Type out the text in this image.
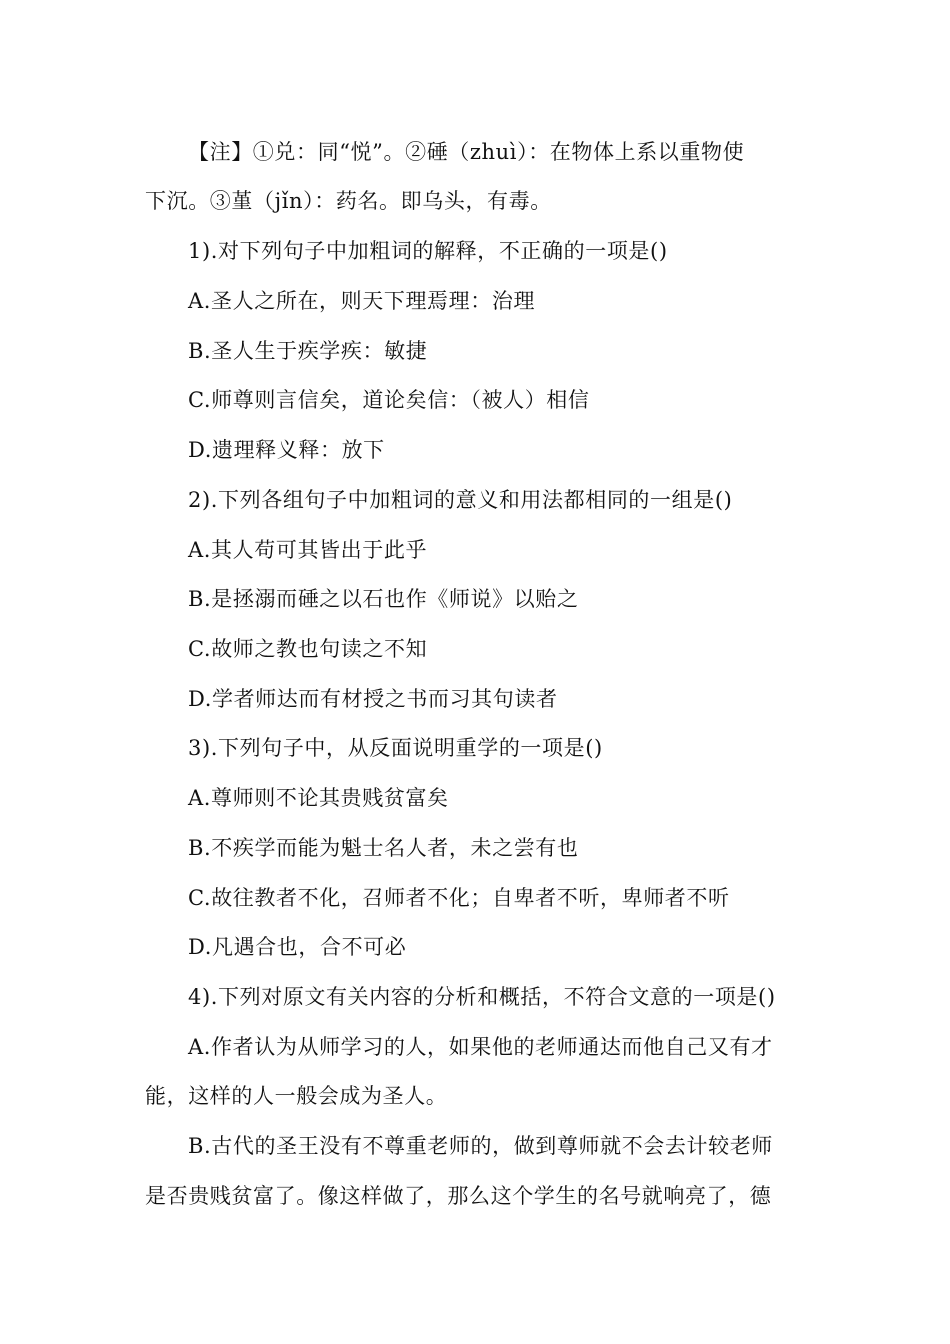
【注】①兑：同“悦”。②硾（zhuì）：在物体上系以重物使
下沉。③堇（jǐn）：药名。即乌头，有毒。
1).对下列句子中加粗词的解释，不正确的一项是()
A.圣人之所在，则天下理焉理：治理
B.圣人生于疾学疾：敏捷
C.师尊则言信矣，道论矣信：（被人）相信
D.遗理释义释：放下
2).下列各组句子中加粗词的意义和用法都相同的一组是()
A.其人苟可其皆出于此乎
B.是拯溺而硾之以石也作《师说》以贻之
C.故师之教也句读之不知
D.学者师达而有材授之书而习其句读者
3).下列句子中，从反面说明重学的一项是()
A.尊师则不论其贵贱贫富矣
B.不疾学而能为魁士名人者，未之尝有也
C.故往教者不化，召师者不化；自卑者不听，卑师者不听
D.凡遇合也，合不可必
4).下列对原文有关内容的分析和概括，不符合文意的一项是()
A.作者认为从师学习的人，如果他的老师通达而他自己又有才
能，这样的人一般会成为圣人。
B.古代的圣王没有不尊重老师的，做到尊师就不会去计较老师
是否贵贱贫富了。像这样做了，那么这个学生的名号就响亮了，德
